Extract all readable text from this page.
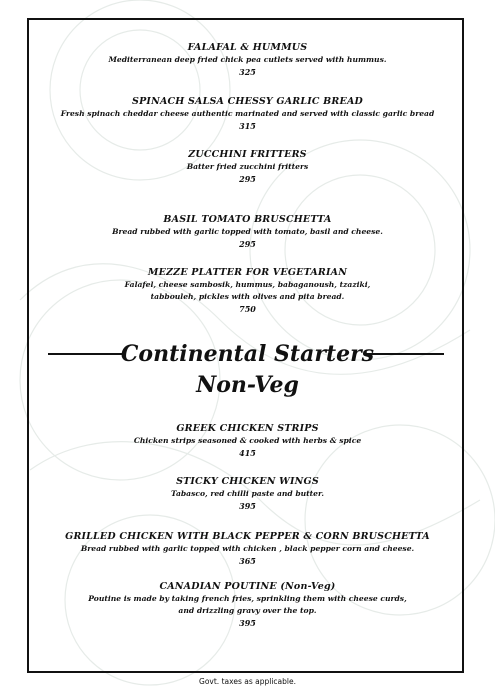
FALAFAL & HUMMUS
Mediterranean deep fried chick pea cutlets served with hummus.
325
SPINACH SALSA CHESSY GARLIC BREAD
Fresh spinach cheddar cheese authentic marinated and served with classic garlic bread
315
ZUCCHINI FRITTERS
Batter fried zucchini fritters
295
BASIL TOMATO BRUSCHETTA
Bread rubbed with garlic topped with tomato, basil and cheese.
295
MEZZE PLATTER FOR VEGETARIAN
Falafel, cheese sambosik, hummus, babaganoush, tzaziki,
tabbouleh, pickles with olives and pita bread.
750
Continental Starters
Non-Veg
GREEK CHICKEN STRIPS
Chicken strips seasoned & cooked with herbs & spice
415
STICKY CHICKEN WINGS
Tabasco, red chilli paste and butter.
395
GRILLED CHICKEN WITH BLACK PEPPER & CORN BRUSCHETTA
Bread rubbed with garlic topped with chicken , black pepper corn and cheese.
365
CANADIAN POUTINE (Non-Veg)
Poutine is made by taking french fries, sprinkling them with cheese curds,
and drizzling gravy over the top.
395
Govt. taxes as applicable.
